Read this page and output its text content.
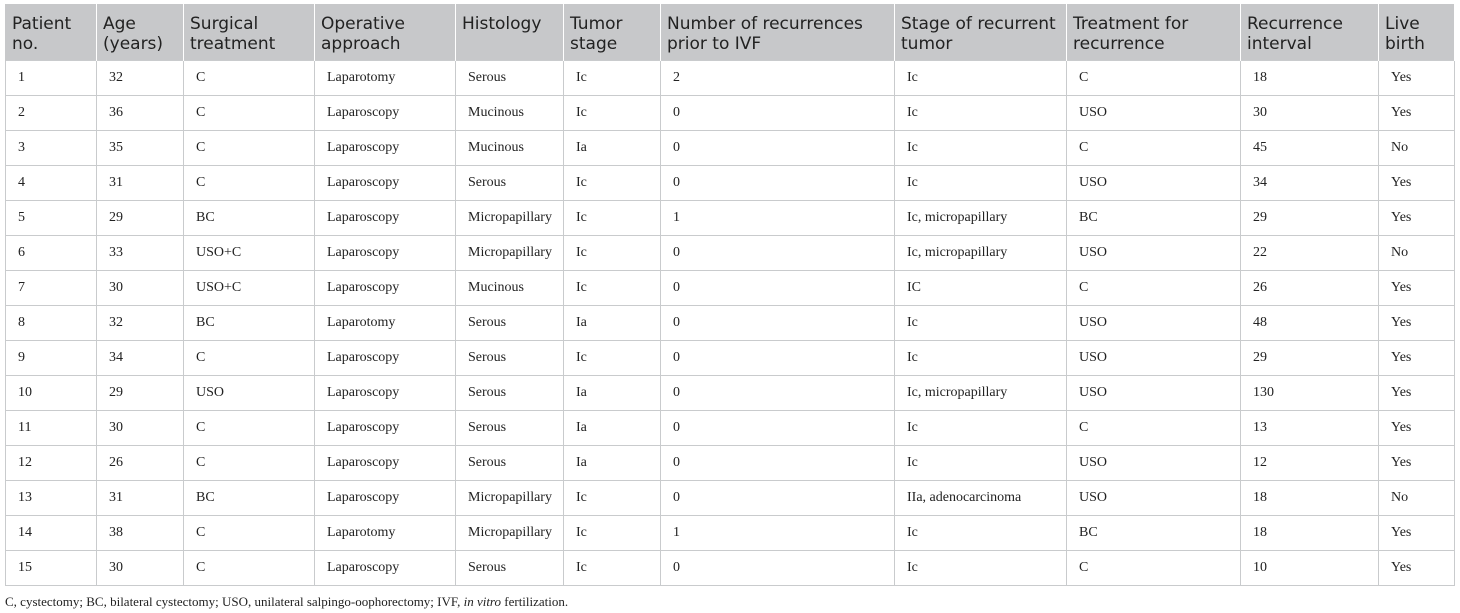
Patient no.	Age (years)	Surgical treatment	Operative approach	Histology	Tumor stage	Number of recurrences prior to IVF	Stage of recurrent tumor	Treatment for recurrence	Recurrence interval	Live birth
1	32	C	Laparotomy	Serous	Ic	2	Ic	C	18	Yes
2	36	C	Laparoscopy	Mucinous	Ic	0	Ic	USO	30	Yes
3	35	C	Laparoscopy	Mucinous	Ia	0	Ic	C	45	No
4	31	C	Laparoscopy	Serous	Ic	0	Ic	USO	34	Yes
5	29	BC	Laparoscopy	Micropapillary	Ic	1	Ic, micropapillary	BC	29	Yes
6	33	USO+C	Laparoscopy	Micropapillary	Ic	0	Ic, micropapillary	USO	22	No
7	30	USO+C	Laparoscopy	Mucinous	Ic	0	IC	C	26	Yes
8	32	BC	Laparotomy	Serous	Ia	0	Ic	USO	48	Yes
9	34	C	Laparoscopy	Serous	Ic	0	Ic	USO	29	Yes
10	29	USO	Laparoscopy	Serous	Ia	0	Ic, micropapillary	USO	130	Yes
11	30	C	Laparoscopy	Serous	Ia	0	Ic	C	13	Yes
12	26	C	Laparoscopy	Serous	Ia	0	Ic	USO	12	Yes
13	31	BC	Laparoscopy	Micropapillary	Ic	0	IIa, adenocarcinoma	USO	18	No
14	38	C	Laparotomy	Micropapillary	Ic	1	Ic	BC	18	Yes
15	30	C	Laparoscopy	Serous	Ic	0	Ic	C	10	Yes
C, cystectomy; BC, bilateral cystectomy; USO, unilateral salpingo-oophorectomy; IVF, in vitro fertilization.
